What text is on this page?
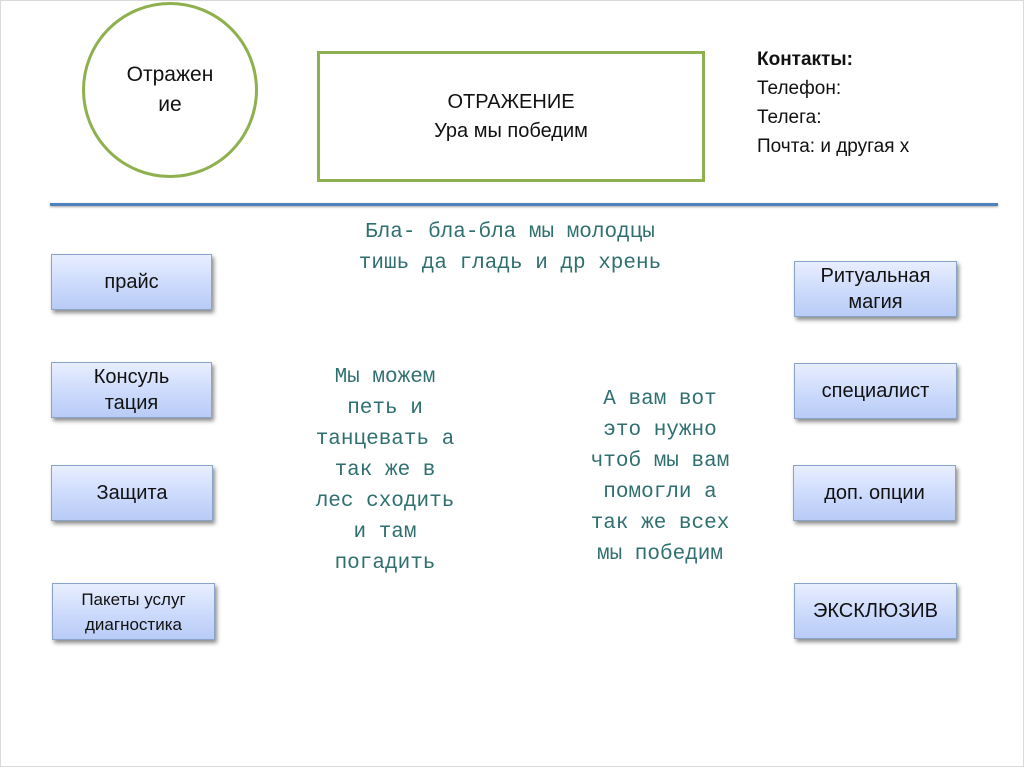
Отражен
ие	ОТРАЖЕНИЕ
Ура мы победим
Контакты:
Телефон:
Телега:
Почта: и другая х
Бла- бла-бла мы молодцы
тишь да гладь и др хрень
Мы можем
петь и
танцевать а
так же в
лес сходить
и там
погадить
А вам вот
это нужно
чтоб мы вам
помогли а
так же всех
мы победим
прайс
Консуль
тация
Защита
Пакеты услуг
диагностика
Ритуальная
магия
специалист
доп. опции
ЭКСКЛЮЗИВ
